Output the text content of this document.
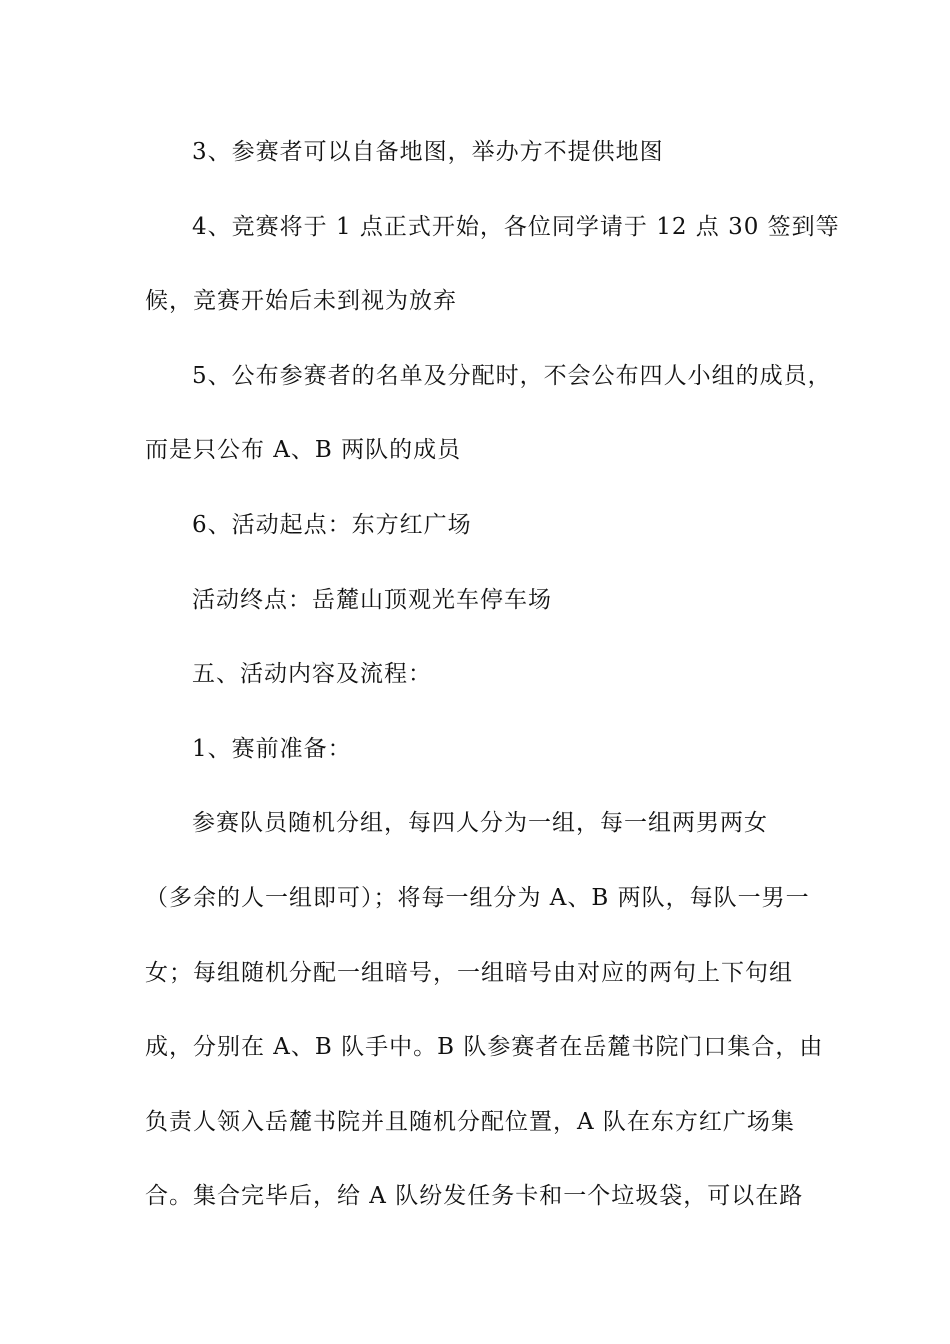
3、参赛者可以自备地图，举办方不提供地图
4、竞赛将于 1 点正式开始，各位同学请于 12 点 30 签到等
候，竞赛开始后未到视为放弃
5、公布参赛者的名单及分配时，不会公布四人小组的成员，
而是只公布 A、B 两队的成员
6、活动起点：东方红广场
活动终点：岳麓山顶观光车停车场
五、活动内容及流程：
1、赛前准备：
参赛队员随机分组，每四人分为一组，每一组两男两女
（多余的人一组即可）；将每一组分为 A、B 两队，每队一男一
女；每组随机分配一组暗号，一组暗号由对应的两句上下句组
成，分别在 A、B 队手中。B 队参赛者在岳麓书院门口集合，由
负责人领入岳麓书院并且随机分配位置，A 队在东方红广场集
合。集合完毕后，给 A 队纷发任务卡和一个垃圾袋，可以在路
